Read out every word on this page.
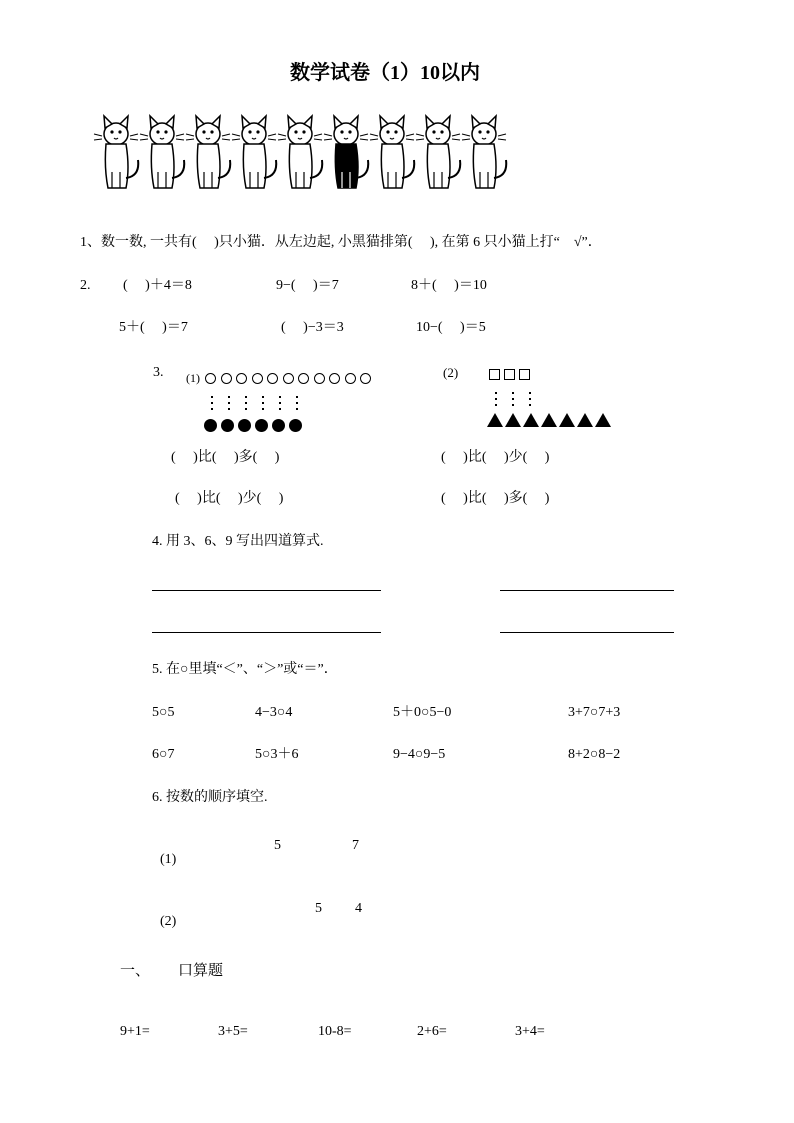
数学试卷（1）10以内
1、数一数, 一共有(　 )只小猫．从左边起, 小黑猫排第(　 ), 在第 6 只小猫上打“　√”．
2. (　 )＋4＝8	9−(　 )＝7	8＋(　 )＝10
5＋(　 )＝7	(　 )−3＝3	10−(　 )＝5
3. (1)
(　 )比(　 )多(　 )
(　 )比(　 )少(　 )
(2)
(　 )比(　 )少(　 )
(　 )比(　 )多(　 )
4. 用 3、6、9 写出四道算式.
5. 在○里填“＜”、“＞”或“＝”．
5○5	4−3○4	5＋0○5−0	3+7○7+3
6○7	5○3＋6	9−4○9−5	8+2○8−2
6. 按数的顺序填空.
(1)
5	7
(2)
5 4
一、 口算题
9+1=	3+5=	10-8=	2+6=	3+4=
